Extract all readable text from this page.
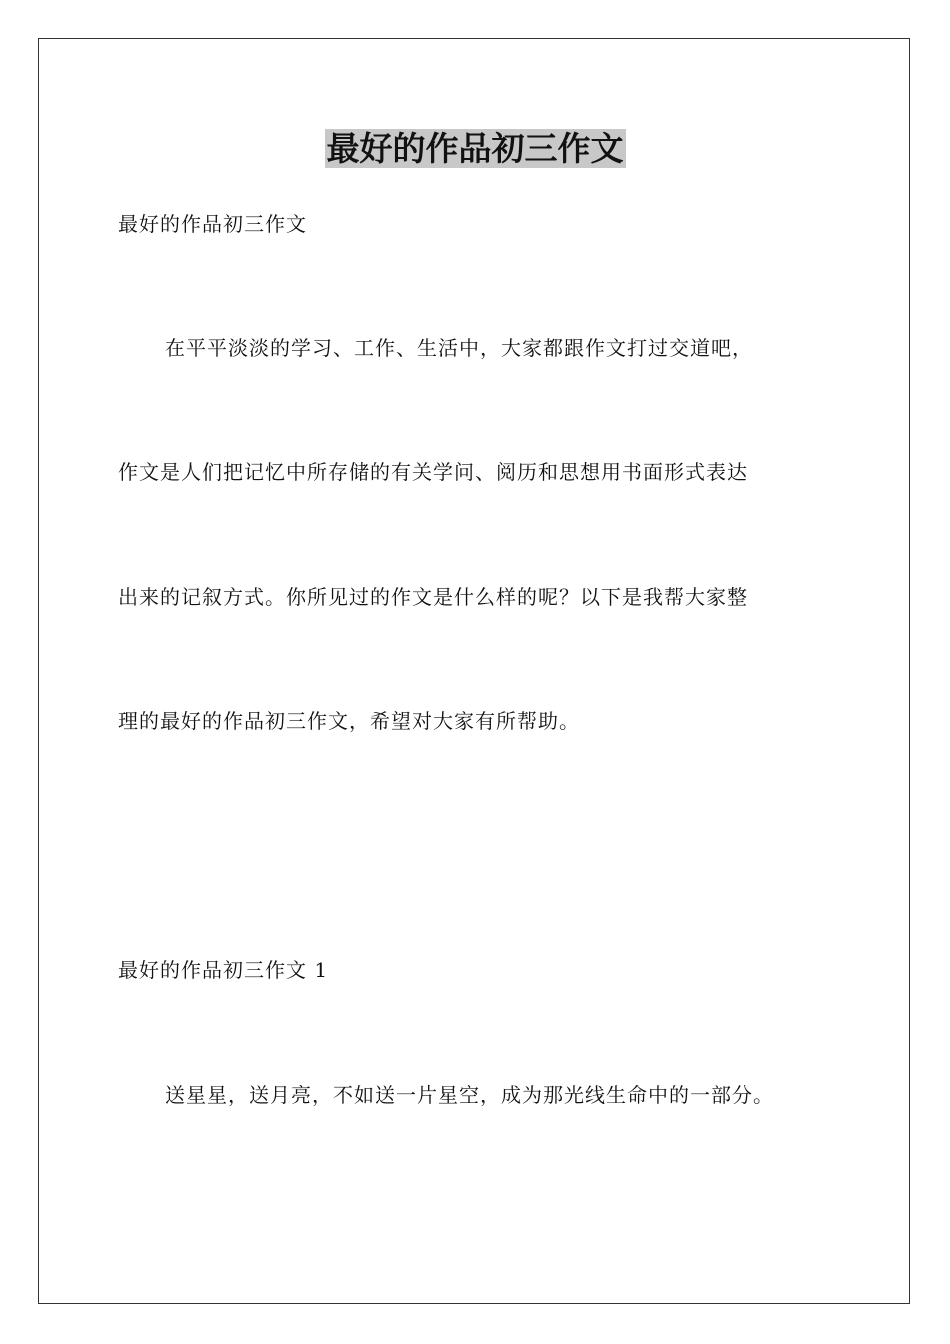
最好的作品初三作文

最好的作品初三作文

在平平淡淡的学习、工作、生活中，大家都跟作文打过交道吧，

作文是人们把记忆中所存储的有关学问、阅历和思想用书面形式表达

出来的记叙方式。你所见过的作文是什么样的呢？以下是我帮大家整

理的最好的作品初三作文，希望对大家有所帮助。

最好的作品初三作文 1

送星星，送月亮，不如送一片星空，成为那光线生命中的一部分。
